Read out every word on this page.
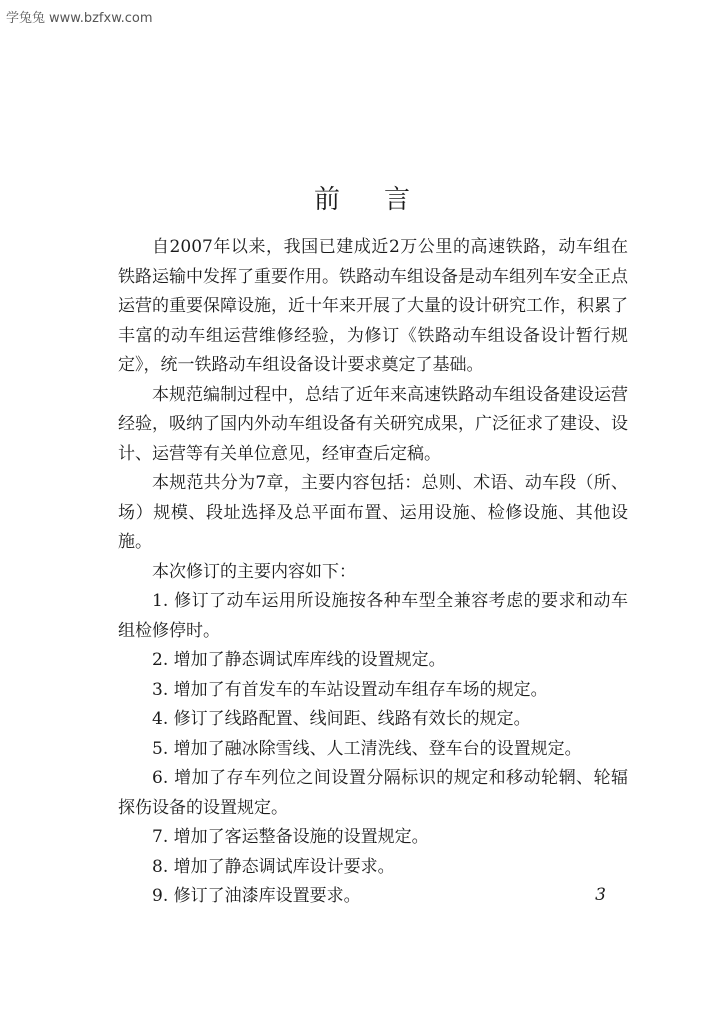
学兔兔 www.bzfxw.com
前言

自2007年以来，我国已建成近2万公里的高速铁路，动车组在铁路运输中发挥了重要作用。铁路动车组设备是动车组列车安全正点运营的重要保障设施，近十年来开展了大量的设计研究工作，积累了丰富的动车组运营维修经验，为修订《铁路动车组设备设计暂行规定》，统一铁路动车组设备设计要求奠定了基础。

本规范编制过程中，总结了近年来高速铁路动车组设备建设运营经验，吸纳了国内外动车组设备有关研究成果，广泛征求了建设、设计、运营等有关单位意见，经审查后定稿。

本规范共分为7章，主要内容包括：总则、术语、动车段（所、场）规模、段址选择及总平面布置、运用设施、检修设施、其他设施。

本次修订的主要内容如下：

1. 修订了动车运用所设施按各种车型全兼容考虑的要求和动车组检修停时。

2. 增加了静态调试库库线的设置规定。

3. 增加了有首发车的车站设置动车组存车场的规定。

4. 修订了线路配置、线间距、线路有效长的规定。

5. 增加了融冰除雪线、人工清洗线、登车台的设置规定。

6. 增加了存车列位之间设置分隔标识的规定和移动轮辋、轮辐探伤设备的设置规定。

7. 增加了客运整备设施的设置规定。

8. 增加了静态调试库设计要求。

9. 修订了油漆库设置要求。	3
